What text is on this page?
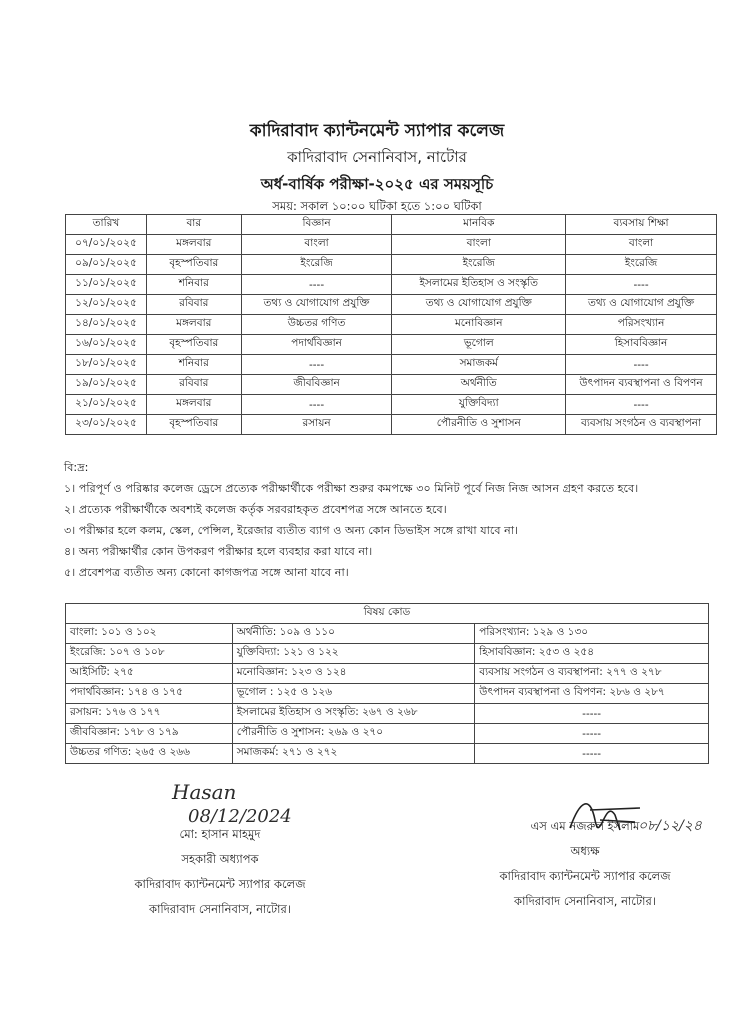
কাদিরাবাদ ক্যান্টনমেন্ট স্যাপার কলেজ
কাদিরাবাদ সেনানিবাস, নাটোর
অর্ধ-বার্ষিক পরীক্ষা-২০২৫ এর সময়সূচি
সময়: সকাল ১০:০০ ঘটিকা হতে ১:০০ ঘটিকা
তারিখ	বার	বিজ্ঞান	মানবিক	ব্যবসায় শিক্ষা
০৭/০১/২০২৫	মঙ্গলবার	বাংলা	বাংলা	বাংলা
০৯/০১/২০২৫	বৃহস্পতিবার	ইংরেজি	ইংরেজি	ইংরেজি
১১/০১/২০২৫	শনিবার	----	ইসলামের ইতিহাস ও সংস্কৃতি	----
১২/০১/২০২৫	রবিবার	তথ্য ও যোগাযোগ প্রযুক্তি	তথ্য ও যোগাযোগ প্রযুক্তি	তথ্য ও যোগাযোগ প্রযুক্তি
১৪/০১/২০২৫	মঙ্গলবার	উচ্চতর গণিত	মনোবিজ্ঞান	পরিসংখ্যান
১৬/০১/২০২৫	বৃহস্পতিবার	পদার্থবিজ্ঞান	ভূগোল	হিসাববিজ্ঞান
১৮/০১/২০২৫	শনিবার	----	সমাজকর্ম	----
১৯/০১/২০২৫	রবিবার	জীববিজ্ঞান	অর্থনীতি	উৎপাদন ব্যবস্থাপনা ও বিপণন
২১/০১/২০২৫	মঙ্গলবার	----	যুক্তিবিদ্যা	----
২৩/০১/২০২৫	বৃহস্পতিবার	রসায়ন	পৌরনীতি ও সুশাসন	ব্যবসায় সংগঠন ও ব্যবস্থাপনা
বি:দ্র:
১। পরিপূর্ণ ও পরিষ্কার কলেজ ড্রেসে প্রত্যেক পরীক্ষার্থীকে পরীক্ষা শুরুর কমপক্ষে ৩০ মিনিট পূর্বে নিজ নিজ আসন গ্রহণ করতে হবে।
২। প্রত্যেক পরীক্ষার্থীকে অবশ্যই কলেজ কর্তৃক সরবরাহকৃত প্রবেশপত্র সঙ্গে আনতে হবে।
৩। পরীক্ষার হলে কলম, স্কেল, পেন্সিল, ইরেজার ব্যতীত ব্যাগ ও অন্য কোন ডিভাইস সঙ্গে রাখা যাবে না।
৪। অন্য পরীক্ষার্থীর কোন উপকরণ পরীক্ষার হলে ব্যবহার করা যাবে না।
৫। প্রবেশপত্র ব্যতীত অন্য কোনো কাগজপত্র সঙ্গে আনা যাবে না।
বিষয় কোড		
বাংলা: ১০১ ও ১০২	অর্থনীতি: ১০৯ ও ১১০	পরিসংখ্যান: ১২৯ ও ১৩০
ইংরেজি: ১০৭ ও ১০৮	যুক্তিবিদ্যা: ১২১ ও ১২২	হিসাববিজ্ঞান: ২৫৩ ও ২৫৪
আইসিটি: ২৭৫	মনোবিজ্ঞান: ১২৩ ও ১২৪	ব্যবসায় সংগঠন ও ব্যবস্থাপনা: ২৭৭ ও ২৭৮
পদার্থবিজ্ঞান: ১৭৪ ও ১৭৫	ভূগোল : ১২৫ ও ১২৬	উৎপাদন ব্যবস্থাপনা ও বিপণন: ২৮৬ ও ২৮৭
রসায়ন: ১৭৬ ও ১৭৭	ইসলামের ইতিহাস ও সংস্কৃতি: ২৬৭ ও ২৬৮	-----
জীববিজ্ঞান: ১৭৮ ও ১৭৯	পৌরনীতি ও সুশাসন: ২৬৯ ও ২৭০	-----
উচ্চতর গণিত: ২৬৫ ও ২৬৬	সমাজকর্ম: ২৭১ ও ২৭২	-----
Hasan
08/12/2024
মো: হাসান মাহমুদ
সহকারী অধ্যাপক
কাদিরাবাদ ক্যান্টনমেন্ট স্যাপার কলেজ
কাদিরাবাদ সেনানিবাস, নাটোর।
এস এম নজরুল ইসলাম
০৮/১২/২৪
অধ্যক্ষ
কাদিরাবাদ ক্যান্টনমেন্ট স্যাপার কলেজ
কাদিরাবাদ সেনানিবাস, নাটোর।
